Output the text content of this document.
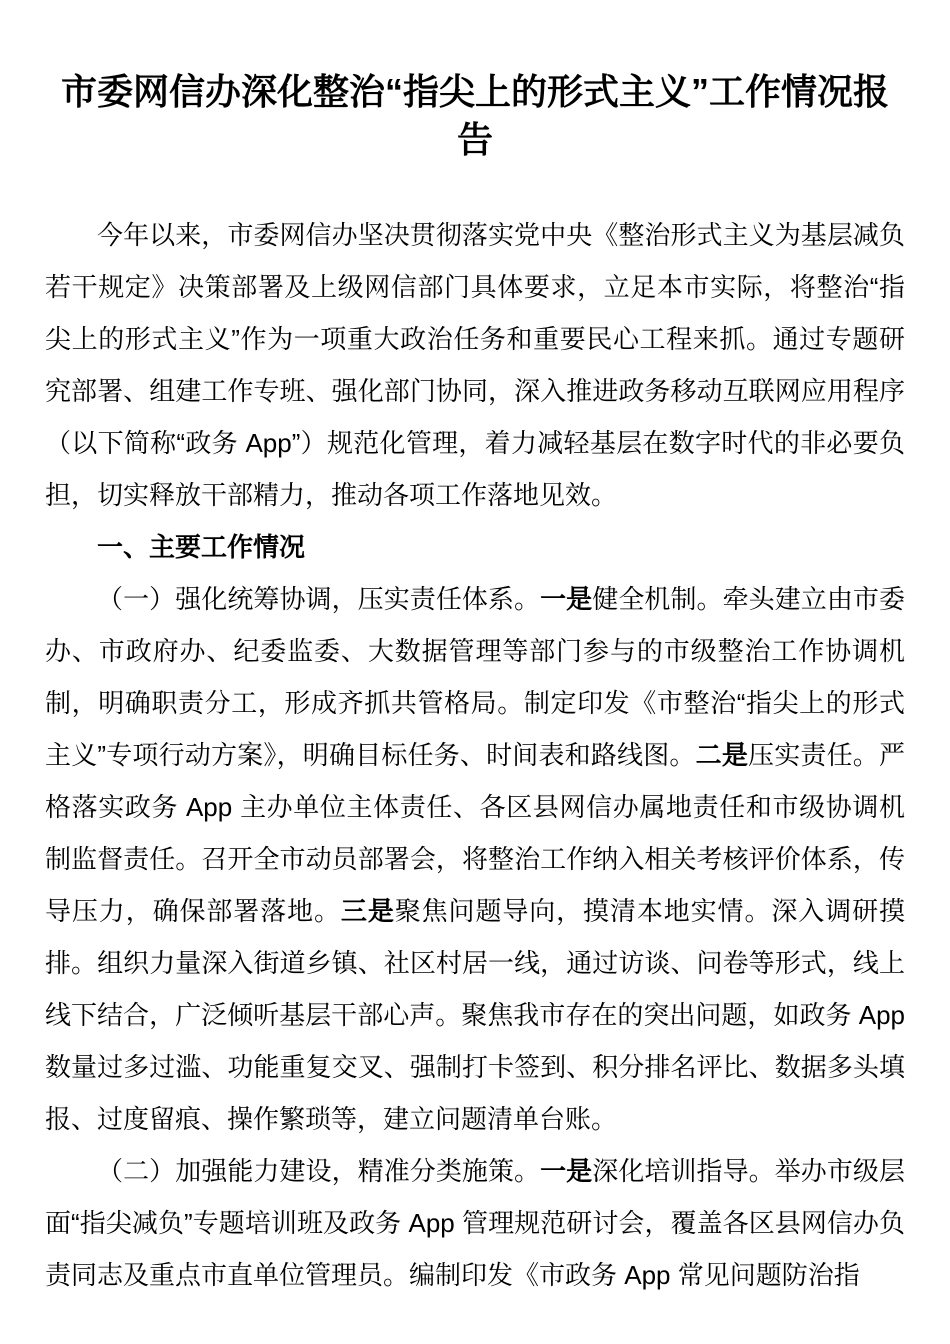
市委网信办深化整治“指尖上的形式主义”工作情况报告

今年以来，市委网信办坚决贯彻落实党中央《整治形式主义为基层减负若干规定》决策部署及上级网信部门具体要求，立足本市实际，将整治“指尖上的形式主义”作为一项重大政治任务和重要民心工程来抓。通过专题研究部署、组建工作专班、强化部门协同，深入推进政务移动互联网应用程序（以下简称“政务 App”）规范化管理，着力减轻基层在数字时代的非必要负担，切实释放干部精力，推动各项工作落地见效。

一、主要工作情况

（一）强化统筹协调，压实责任体系。一是健全机制。牵头建立由市委办、市政府办、纪委监委、大数据管理等部门参与的市级整治工作协调机制，明确职责分工，形成齐抓共管格局。制定印发《市整治“指尖上的形式主义”专项行动方案》，明确目标任务、时间表和路线图。二是压实责任。严格落实政务 App 主办单位主体责任、各区县网信办属地责任和市级协调机制监督责任。召开全市动员部署会，将整治工作纳入相关考核评价体系，传导压力，确保部署落地。三是聚焦问题导向，摸清本地实情。深入调研摸排。组织力量深入街道乡镇、社区村居一线，通过访谈、问卷等形式，线上线下结合，广泛倾听基层干部心声。聚焦我市存在的突出问题，如政务 App 数量过多过滥、功能重复交叉、强制打卡签到、积分排名评比、数据多头填报、过度留痕、操作繁琐等，建立问题清单台账。

（二）加强能力建设，精准分类施策。一是深化培训指导。举办市级层面“指尖减负”专题培训班及政务 App 管理规范研讨会，覆盖各区县网信办负责同志及重点市直单位管理员。编制印发《市政务 App 常见问题防治指
